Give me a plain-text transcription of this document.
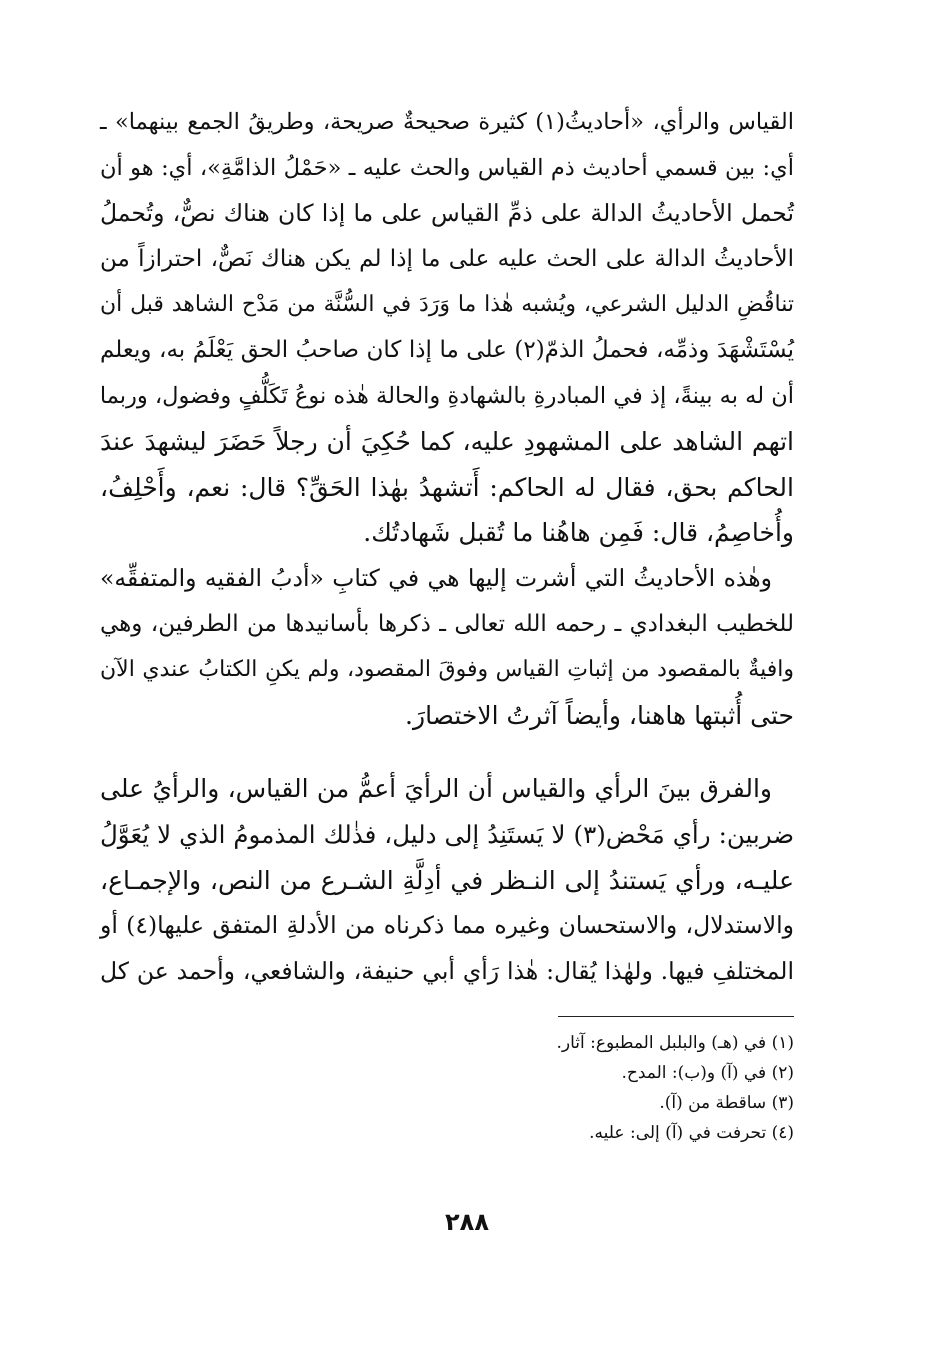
القياس والرأي، «أحاديثُ(١) كثيرة صحيحةٌ صريحة، وطريقُ الجمع بينهما» ـ
أي: بين قسمي أحاديث ذم القياس والحث عليه ـ «حَمْلُ الذامَّةِ»، أي: هو أن
تُحمل الأحاديثُ الدالة على ذمِّ القياس على ما إذا كان هناك نصٌّ، وتُحملُ
الأحاديثُ الدالة على الحث عليه على ما إذا لم يكن هناك نَصٌّ، احترازاً من
تناقُضِ الدليل الشرعي، ويُشبه هٰذا ما وَرَدَ في السُّنَّة من مَدْح الشاهد قبل أن
يُسْتَشْهَدَ وذمِّه، فحملُ الذمّ(٢) على ما إذا كان صاحبُ الحق يَعْلَمُ به، ويعلم
أن له به بينةً، إذ في المبادرةِ بالشهادةِ والحالة هٰذه نوعُ تَكَلُّفٍ وفضول، وربما
اتهم الشاهد على المشهودِ عليه، كما حُكِيَ أن رجلاً حَضَرَ ليشهدَ عندَ
الحاكم بحق، فقال له الحاكم: أَتشهدُ بهٰذا الحَقِّ؟ قال: نعم، وأَحْلِفُ،
وأُخاصِمُ، قال: فَمِن هاهُنا ما تُقبل شَهادتُك.
وهٰذه الأحاديثُ التي أشرت إليها هي في كتابِ «أدبُ الفقيه والمتفقِّه»
للخطيب البغدادي ـ رحمه الله تعالى ـ ذكرها بأسانيدها من الطرفين، وهي
وافيةٌ بالمقصود من إثباتِ القياس وفوقَ المقصود، ولم يكنِ الكتابُ عندي الآن
حتى أُثبتها هاهنا، وأيضاً آثرتُ الاختصارَ.
والفرق بينَ الرأي والقياس أن الرأيَ أعمُّ من القياس، والرأيُ على
ضربين: رأي مَحْض(٣) لا يَستَنِدُ إلى دليل، فذٰلك المذمومُ الذي لا يُعَوَّلُ
عليـه، ورأي يَستندُ إلى النـظر في أدِلَّةِ الشـرع من النص، والإجمـاع،
والاستدلال، والاستحسان وغيره مما ذكرناه من الأدلةِ المتفق عليها(٤) أو
المختلفِ فيها. ولهٰذا يُقال: هٰذا رَأي أبي حنيفة، والشافعي، وأحمد عن كل
(١) في (هـ) والبلبل المطبوع: آثار.
(٢) في (آ) و(ب): المدح.
(٣) ساقطة من (آ).
(٤) تحرفت في (آ) إلى: عليه.
٢٨٨
